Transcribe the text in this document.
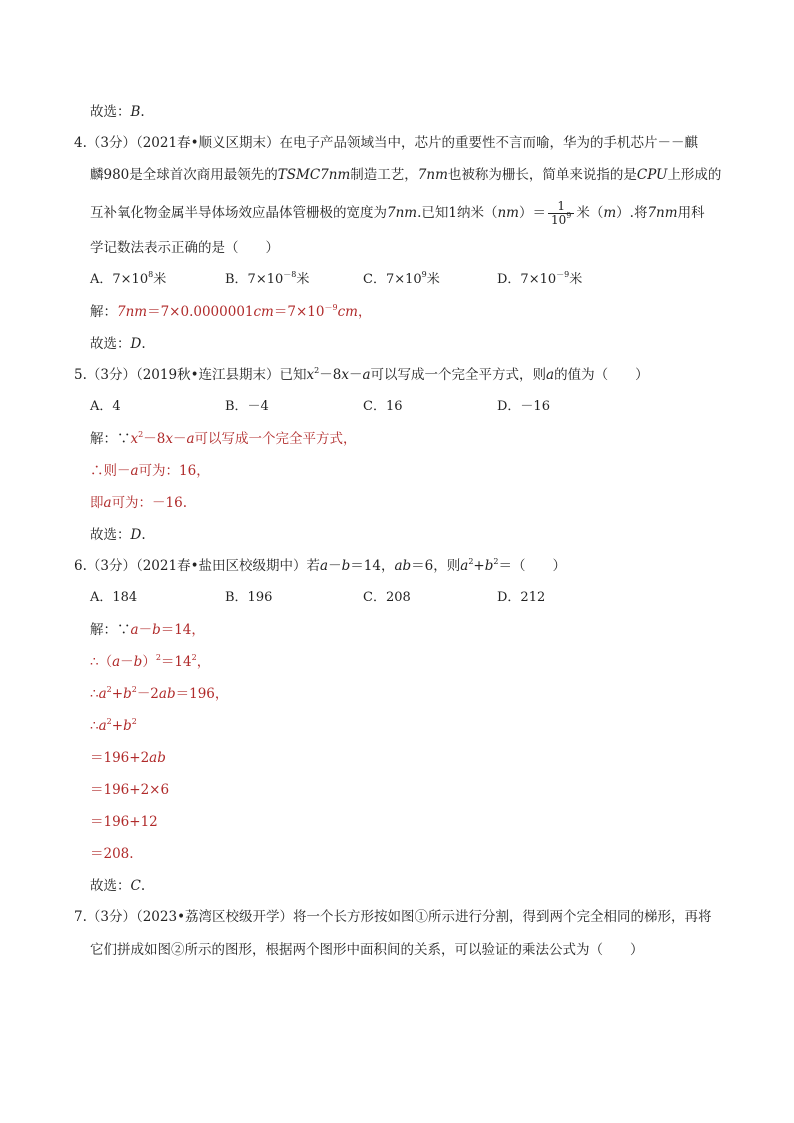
故选：B.
4.（3分）（2021春•顺义区期末）在电子产品领域当中，芯片的重要性不言而喻，华为的手机芯片－－麒
麟980是全球首次商用最领先的TSMC7nm制造工艺，7nm也被称为栅长，简单来说指的是CPU上形成的
互补氧化物金属半导体场效应晶体管栅极的宽度为7nm.已知1纳米$(nm)= \frac{1}{10^9}$ 米（m）.将7nm用科
学记数法表示正确的是（　　）
A．$7\times 10^8$米	B．$7\times 10^{-8}$米	C．$7\times 10^9$米	D．$7\times 10^{-9}$米
解：$7nm=7\times 0.0000001cm=7\times 10^{-9}cm$，
故选：D.
5.（3分）（2019秋•连江县期末）已知$x^2-8x-a$可以写成一个完全平方式，则a的值为（　　）
A．4	B．－4	C．16	D．－16
解：$\because x^2-8x-a$可以写成一个完全平方式，
∴则－a可为：16，
即a可为：－16.
故选：D.
6.（3分）（2021春•盐田区校级期中）若a－b＝14，ab＝6，则$a^2+b^2=$（　　）
A．184	B．196	C．208	D．212
解：∵a－b＝14，
$\therefore(a-b)^2=14^2$，
$\therefore a^2+b^2-2ab=196$，
$\therefore a^2+b^2$
＝196+2ab
＝196+2×6
＝196+12
＝208.
故选：C.
7.（3分）（2023•荔湾区校级开学）将一个长方形按如图①所示进行分割，得到两个完全相同的梯形，再将
它们拼成如图②所示的图形，根据两个图形中面积间的关系，可以验证的乘法公式为（　　）
